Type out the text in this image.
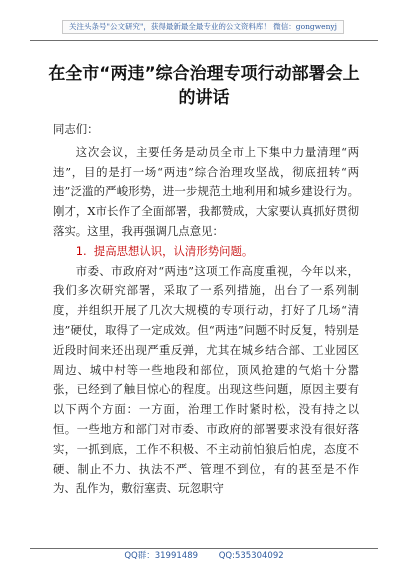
关注头条号"公文研究"，获得最新最全最专业的公文资料库！ 微信：gongwenyj
在全市“两违”综合治理专项行动部署会上的讲话

同志们：

这次会议，主要任务是动员全市上下集中力量清理“两违”，目的是打一场“两违”综合治理攻坚战，彻底扭转“两违”泛滥的严峻形势，进一步规范土地利用和城乡建设行为。刚才，X市长作了全面部署，我都赞成，大家要认真抓好贯彻落实。这里，我再强调几点意见：

1. 提高思想认识，认清形势问题。

市委、市政府对“两违”这项工作高度重视，今年以来，我们多次研究部署，采取了一系列措施，出台了一系列制度，并组织开展了几次大规模的专项行动，打好了几场“清违”硬仗，取得了一定成效。但“两违”问题不时反复，特别是近段时间来还出现严重反弹，尤其在城乡结合部、工业园区周边、城中村等一些地段和部位，顶风抢建的气焰十分嚣张，已经到了触目惊心的程度。出现这些问题，原因主要有以下两个方面：一方面，治理工作时紧时松，没有持之以恒。一些地方和部门对市委、市政府的部署要求没有很好落实，一抓到底，工作不积极、不主动前怕狼后怕虎，态度不硬、制止不力、执法不严、管理不到位，有的甚至是不作为、乱作为，敷衍塞责、玩忽职守

QQ群：31991489 QQ:535304092
